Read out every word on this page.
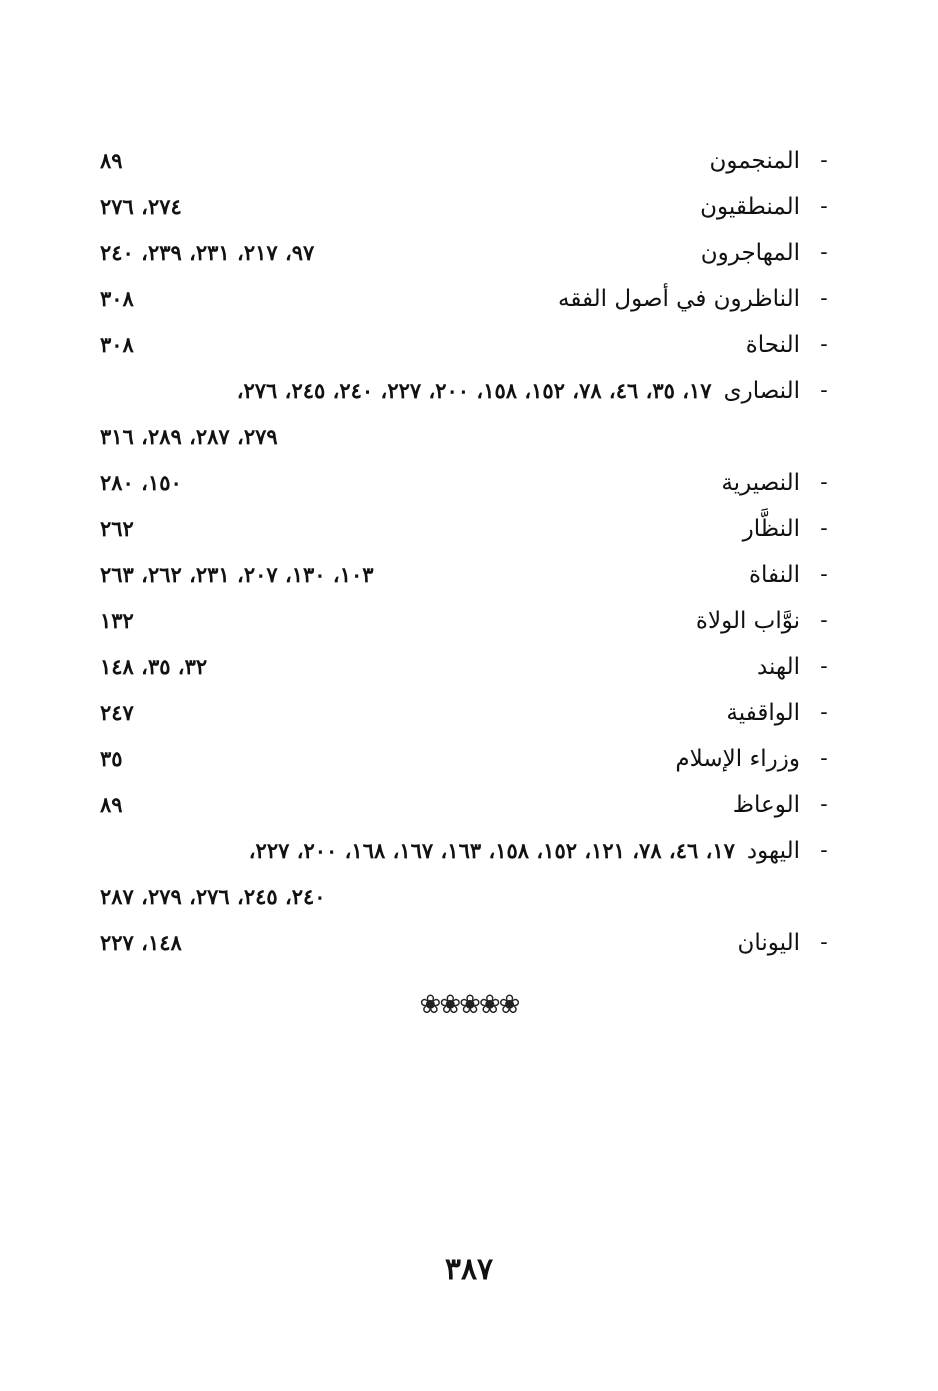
-
المنجمون
٨٩
-
المنطقيون
٢٧٤، ٢٧٦
-
المهاجرون
٩٧، ٢١٧، ٢٣١، ٢٣٩، ٢٤٠
-
الناظرون في أصول الفقه
٣٠٨
-
النحاة
٣٠٨
-
النصارى١٧، ٣٥، ٤٦، ٧٨، ١٥٢، ١٥٨، ٢٠٠، ٢٢٧، ٢٤٠، ٢٤٥، ٢٧٦،
٢٧٩، ٢٨٧، ٢٨٩، ٣١٦
-
النصيرية
١٥٠، ٢٨٠
-
النظَّار
٢٦٢
-
النفاة
١٠٣، ١٣٠، ٢٠٧، ٢٣١، ٢٦٢، ٢٦٣
-
نوَّاب الولاة
١٣٢
-
الهند
٣٢، ٣٥، ١٤٨
-
الواقفية
٢٤٧
-
وزراء الإسلام
٣٥
-
الوعاظ
٨٩
-
اليهود١٧، ٤٦، ٧٨، ١٢١، ١٥٢، ١٥٨، ١٦٣، ١٦٧، ١٦٨، ٢٠٠، ٢٢٧،
٢٤٠، ٢٤٥، ٢٧٦، ٢٧٩، ٢٨٧
-
اليونان
١٤٨، ٢٢٧
❀❀❀❀❀
٣٨٧
